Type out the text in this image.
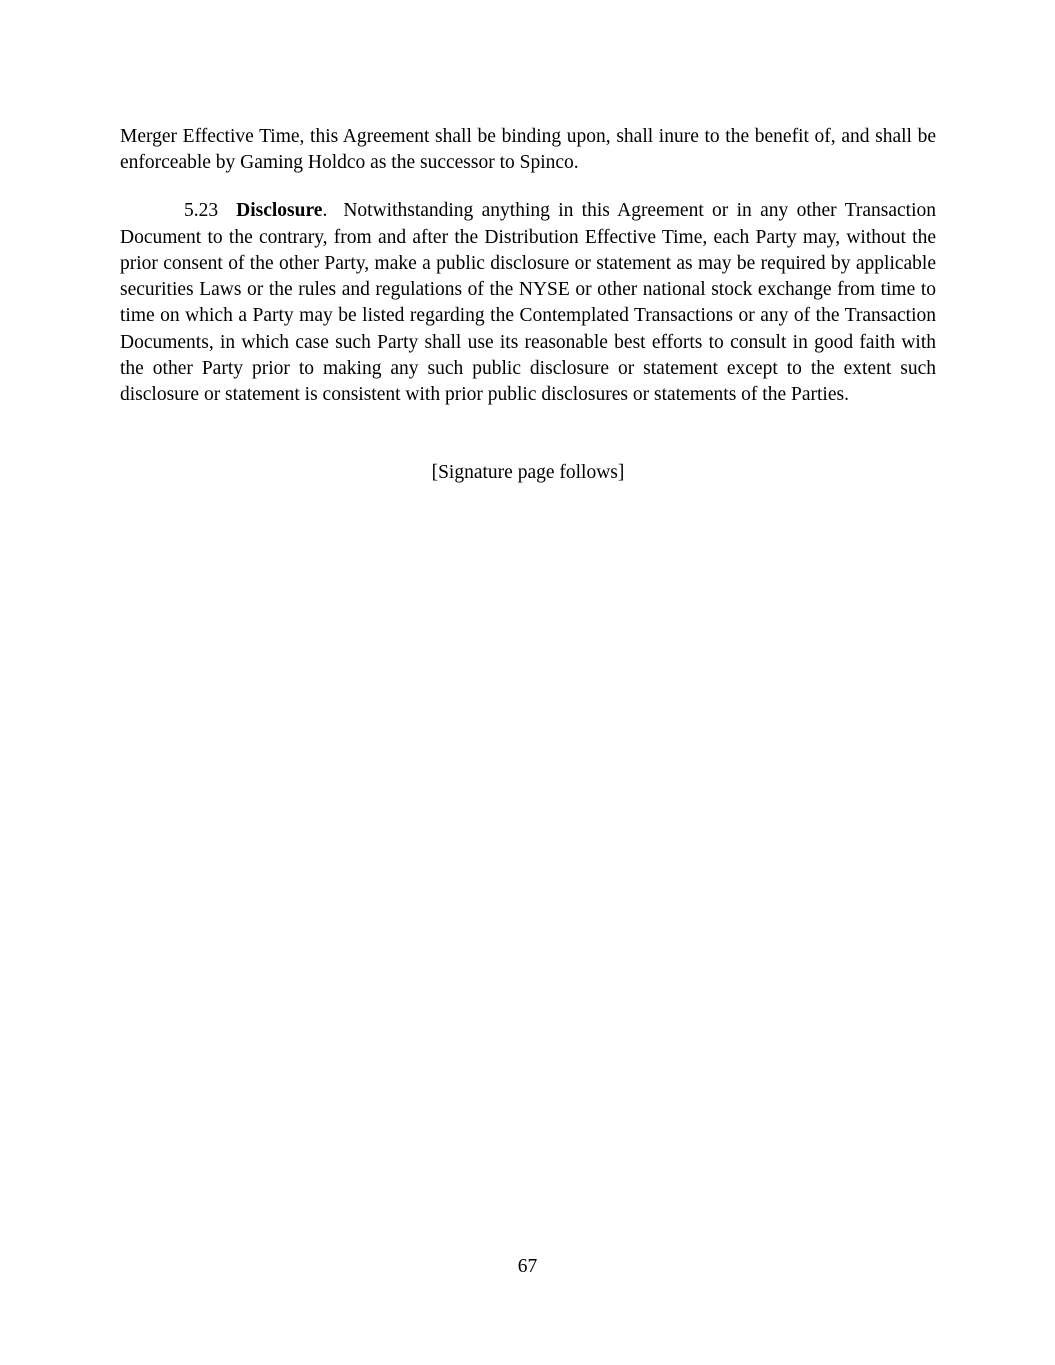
Merger Effective Time, this Agreement shall be binding upon, shall inure to the benefit of, and shall be enforceable by Gaming Holdco as the successor to Spinco.

5.23 Disclosure. Notwithstanding anything in this Agreement or in any other Transaction Document to the contrary, from and after the Distribution Effective Time, each Party may, without the prior consent of the other Party, make a public disclosure or statement as may be required by applicable securities Laws or the rules and regulations of the NYSE or other national stock exchange from time to time on which a Party may be listed regarding the Contemplated Transactions or any of the Transaction Documents, in which case such Party shall use its reasonable best efforts to consult in good faith with the other Party prior to making any such public disclosure or statement except to the extent such disclosure or statement is consistent with prior public disclosures or statements of the Parties.

[Signature page follows]

67
